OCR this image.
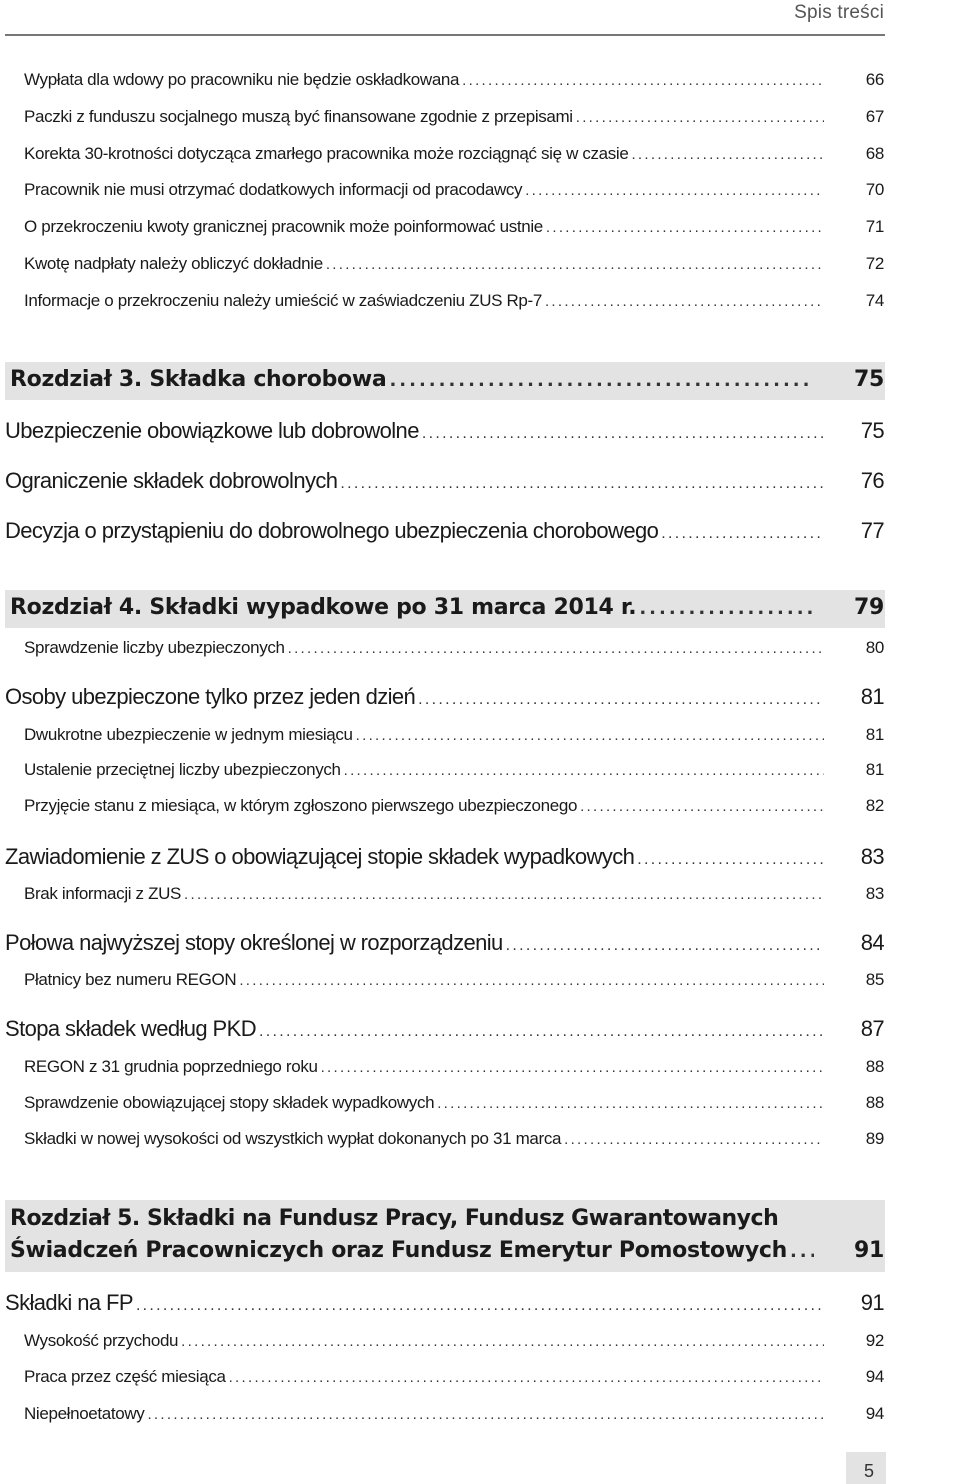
Spis treści
Wypłata dla wdowy po pracowniku nie będzie oskładkowana .....	66
Paczki z funduszu socjalnego muszą być finansowane zgodnie z przepisami .....	67
Korekta 30-krotności dotycząca zmarłego pracownika może rozciągnąć się w czasie .....	68
Pracownik nie musi otrzymać dodatkowych informacji od pracodawcy .....	70
O przekroczeniu kwoty granicznej pracownik może poinformować ustnie .....	71
Kwotę nadpłaty należy obliczyć dokładnie .....	72
Informacje o przekroczeniu należy umieścić w zaświadczeniu ZUS Rp-7 .....	74
Rozdział 3. Składka chorobowa .....	75
Ubezpieczenie obowiązkowe lub dobrowolne .....	75
Ograniczenie składek dobrowolnych .....	76
Decyzja o przystąpieniu do dobrowolnego ubezpieczenia chorobowego .....	77
Rozdział 4. Składki wypadkowe po 31 marca 2014 r. .....	79
Sprawdzenie liczby ubezpieczonych .....	80
Osoby ubezpieczone tylko przez jeden dzień .....	81
Dwukrotne ubezpieczenie w jednym miesiącu .....	81
Ustalenie przeciętnej liczby ubezpieczonych .....	81
Przyjęcie stanu z miesiąca, w którym zgłoszono pierwszego ubezpieczonego .....	82
Zawiadomienie z ZUS o obowiązującej stopie składek wypadkowych .....	83
Brak informacji z ZUS .....	83
Połowa najwyższej stopy określonej w rozporządzeniu .....	84
Płatnicy bez numeru REGON .....	85
Stopa składek według PKD .....	87
REGON z 31 grudnia poprzedniego roku .....	88
Sprawdzenie obowiązującej stopy składek wypadkowych .....	88
Składki w nowej wysokości od wszystkich wypłat dokonanych po 31 marca .....	89
Rozdział 5. Składki na Fundusz Pracy, Fundusz Gwarantowanych
Świadczeń Pracowniczych oraz Fundusz Emerytur Pomostowych .....	91
Składki na FP .....	91
Wysokość przychodu .....	92
Praca przez część miesiąca .....	94
Niepełnoetatowy .....	94
5
